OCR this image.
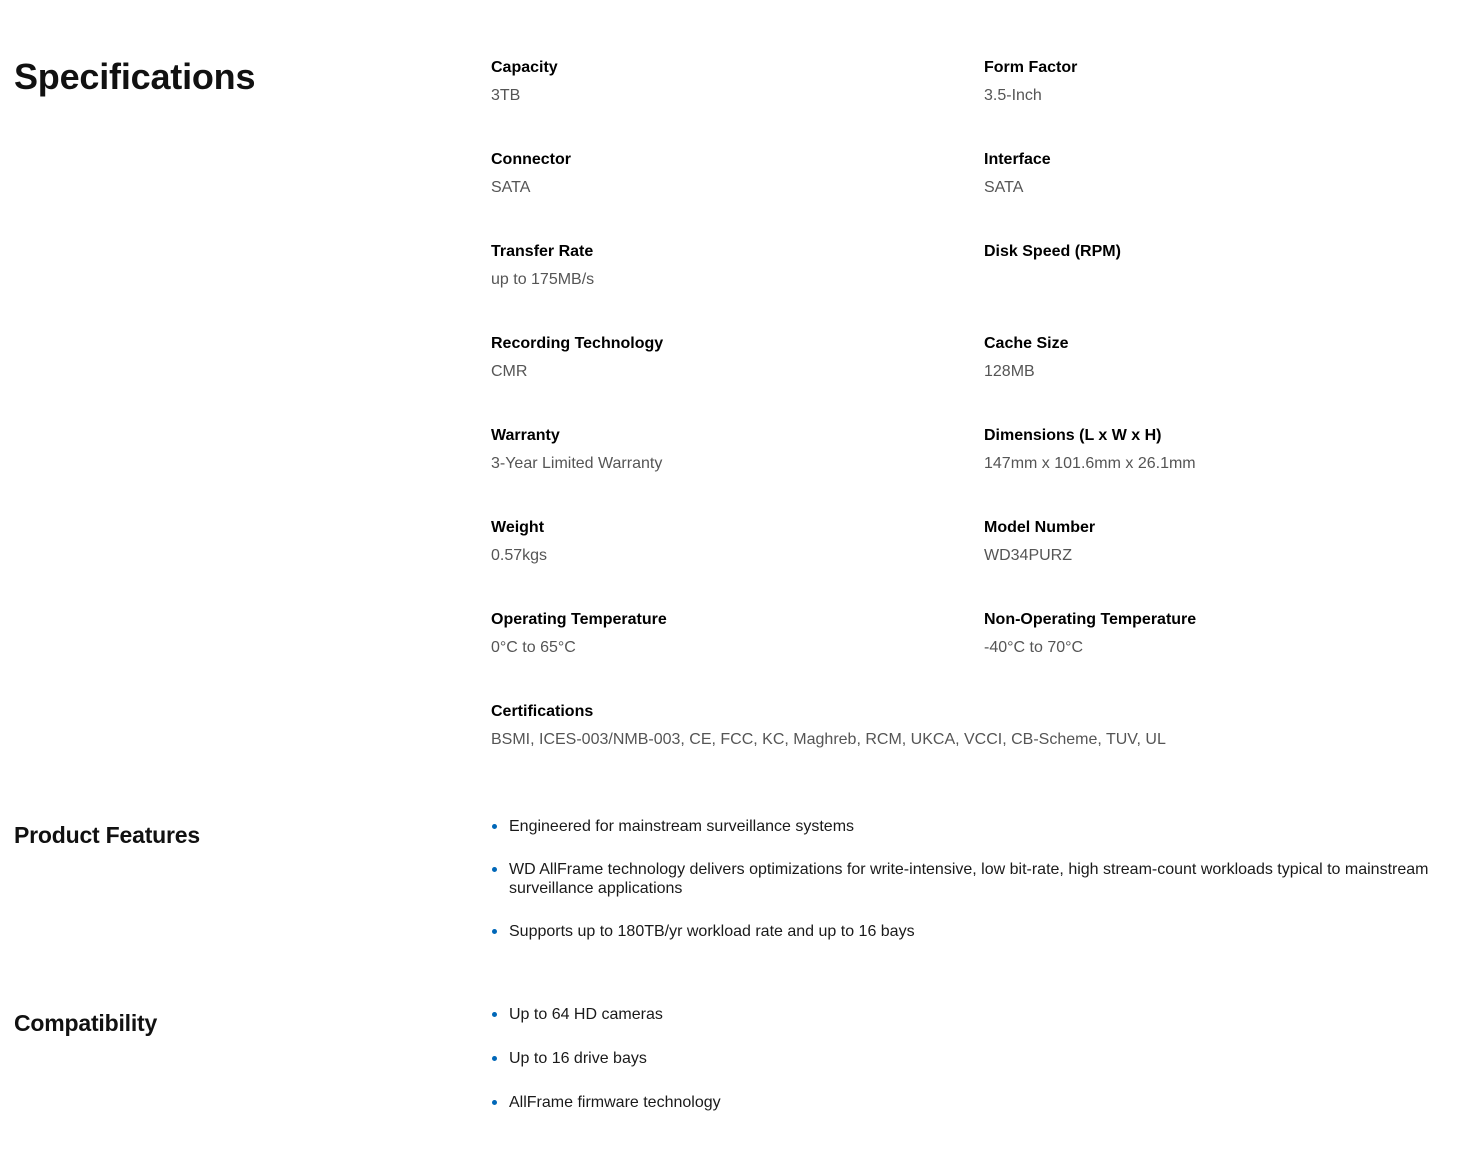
Specifications	Capacity
3TB
Form Factor
3.5-Inch
Connector
SATA
Interface
SATA
Transfer Rate
up to 175MB/s
Disk Speed (RPM)
Recording Technology
CMR
Cache Size
128MB
Warranty
3-Year Limited Warranty
Dimensions (L x W x H)
147mm x 101.6mm x 26.1mm
Weight
0.57kgs
Model Number
WD34PURZ
Operating Temperature
0°C to 65°C
Non-Operating Temperature
-40°C to 70°C
Certifications
BSMI, ICES-003/NMB-003, CE, FCC, KC, Maghreb, RCM, UKCA, VCCI, CB-Scheme, TUV, UL
Product Features	Engineered for mainstream surveillance systems
WD AllFrame technology delivers optimizations for write-intensive, low bit-rate, high stream-count workloads typical to mainstream surveillance applications
Supports up to 180TB/yr workload rate and up to 16 bays
Compatibility	Up to 64 HD cameras
Up to 16 drive bays
AllFrame firmware technology
